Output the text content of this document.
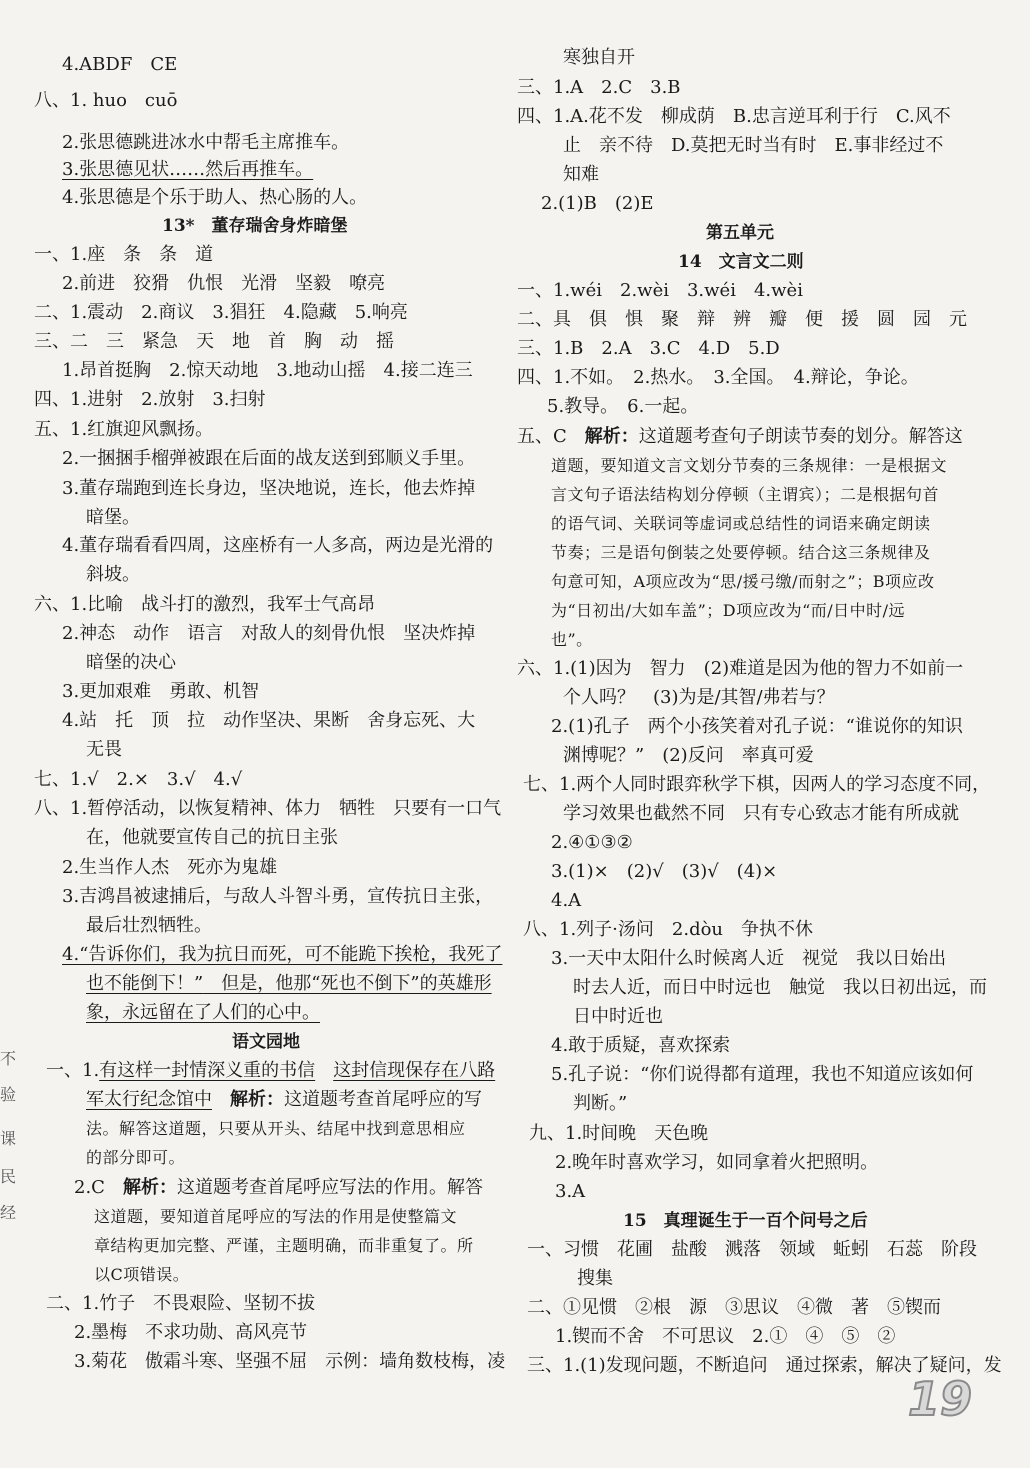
4.ABDF　CE
八、1. huo　cuō
2.张思德跳进冰水中帮毛主席推车。
3.张思德见状……然后再推车。
4.张思德是个乐于助人、热心肠的人。
13*　董存瑞舍身炸暗堡
一、1.座　条　条　道
2.前进　狡猾　仇恨　光滑　坚毅　嘹亮
二、1.震动　2.商议　3.猖狂　4.隐藏　5.响亮
三、二　三　紧急　天　地　首　胸　动　摇
1.昂首挺胸　2.惊天动地　3.地动山摇　4.接二连三
四、1.进射　2.放射　3.扫射
五、1.红旗迎风飘扬。
2.一捆捆手榴弹被跟在后面的战友送到郅顺义手里。
3.董存瑞跑到连长身边，坚决地说，连长，他去炸掉
暗堡。
4.董存瑞看看四周，这座桥有一人多高，两边是光滑的
斜坡。
六、1.比喻　战斗打的激烈，我军士气高昂
2.神态　动作　语言　对敌人的刻骨仇恨　坚决炸掉
暗堡的决心
3.更加艰难　勇敢、机智
4.站　托　顶　拉　动作坚决、果断　舍身忘死、大
无畏
七、1.√　2.×　3.√　4.√
八、1.暂停活动，以恢复精神、体力　牺牲　只要有一口气
在，他就要宣传自己的抗日主张
2.生当作人杰　死亦为鬼雄
3.吉鸿昌被逮捕后，与敌人斗智斗勇，宣传抗日主张，
最后壮烈牺牲。
4.“告诉你们，我为抗日而死，可不能跪下挨枪，我死了
也不能倒下！”　但是，他那“死也不倒下”的英雄形
象，永远留在了人们的心中。
语文园地
一、1.有这样一封情深义重的书信　 这封信现保存在八路
军太行纪念馆中　解析：这道题考查首尾呼应的写
法。解答这道题，只要从开头、结尾中找到意思相应
的部分即可。
2.C　解析：这道题考查首尾呼应写法的作用。解答
这道题，要知道首尾呼应的写法的作用是使整篇文
章结构更加完整、严谨，主题明确，而非重复了。所
以C项错误。
二、1.竹子　不畏艰险、坚韧不拔
2.墨梅　不求功勋、高风亮节
3.菊花　傲霜斗寒、坚强不屈　示例：墙角数枝梅，凌
寒独自开
三、1.A　2.C　3.B
四、1.A.花不发　柳成荫　B.忠言逆耳利于行　C.风不
止　亲不待　D.莫把无时当有时　E.事非经过不
知难
2.(1)B　(2)E
第五单元
14　文言文二则
一、1.wéi　2.wèi　3.wéi　4.wèi
二、具　俱　惧　聚　辩　辨　瓣　便　援　圆　园　元
三、1.B　2.A　3.C　4.D　5.D
四、1.不如。　2.热水。　3.全国。　4.辩论，争论。
5.教导。　6.一起。
五、C　解析：这道题考查句子朗读节奏的划分。解答这
道题，要知道文言文划分节奏的三条规律：一是根据文
言文句子语法结构划分停顿（主谓宾）；二是根据句首
的语气词、关联词等虚词或总结性的词语来确定朗读
节奏；三是语句倒装之处要停顿。结合这三条规律及
句意可知，A项应改为“思/援弓缴/而射之”；B项应改
为“日初出/大如车盖”；D项应改为“而/日中时/远
也”。
六、1.(1)因为　智力　(2)难道是因为他的智力不如前一
个人吗？　(3)为是/其智/弗若与？
2.(1)孔子　两个小孩笑着对孔子说：“谁说你的知识
渊博呢？”　(2)反问　率真可爱
七、1.两个人同时跟弈秋学下棋，因两人的学习态度不同，
学习效果也截然不同　只有专心致志才能有所成就
2.④①③②
3.(1)×　(2)√　(3)√　(4)×
4.A
八、1.列子·汤问　2.dòu　争执不休
3.一天中太阳什么时候离人近　视觉　我以日始出
时去人近，而日中时远也　触觉　我以日初出远，而
日中时近也
4.敢于质疑，喜欢探索
5.孔子说：“你们说得都有道理，我也不知道应该如何
判断。”
九、1.时间晚　天色晚
2.晚年时喜欢学习，如同拿着火把照明。
3.A
15　真理诞生于一百个问号之后
一、习惯　花圃　盐酸　溅落　领域　蚯蚓　石蕊　阶段
搜集
二、①见惯　②根　源　③思议　④微　著　⑤锲而
1.锲而不舍　不可思议　2.①　④　⑤　②
三、1.(1)发现问题，不断追问　通过探索，解决了疑问，发
不
验
课
民
经
19
